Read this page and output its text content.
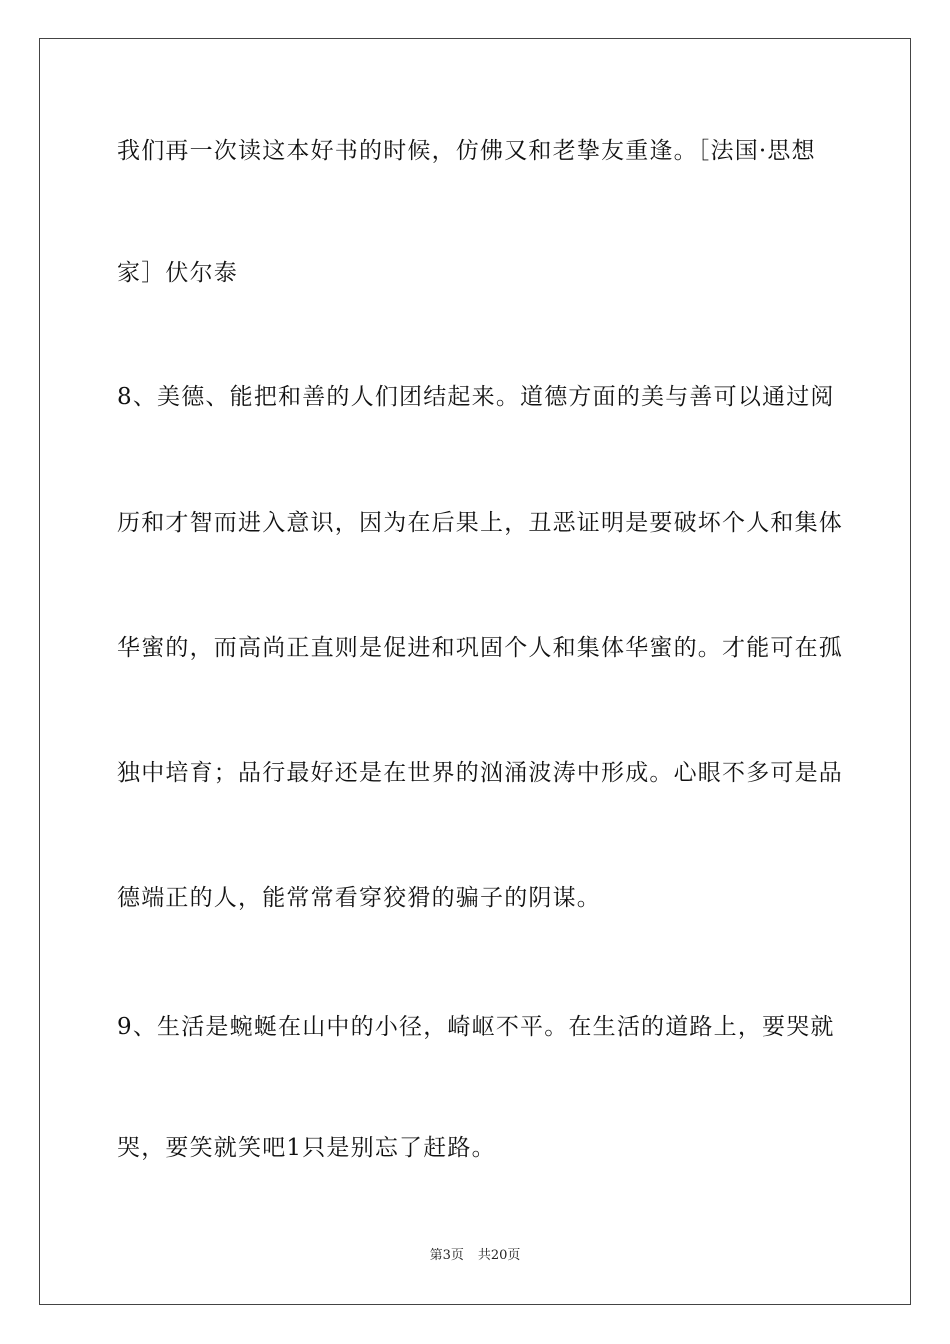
我们再一次读这本好书的时候，仿佛又和老挚友重逢。［法国·思想
家］伏尔泰
8、美德、能把和善的人们团结起来。道德方面的美与善可以通过阅
历和才智而进入意识，因为在后果上，丑恶证明是要破坏个人和集体
华蜜的，而高尚正直则是促进和巩固个人和集体华蜜的。才能可在孤
独中培育；品行最好还是在世界的汹涌波涛中形成。心眼不多可是品
德端正的人，能常常看穿狡猾的骗子的阴谋。
9、生活是蜿蜒在山中的小径，崎岖不平。在生活的道路上，要哭就
哭，要笑就笑吧1只是别忘了赶路。
第3页 共20页
